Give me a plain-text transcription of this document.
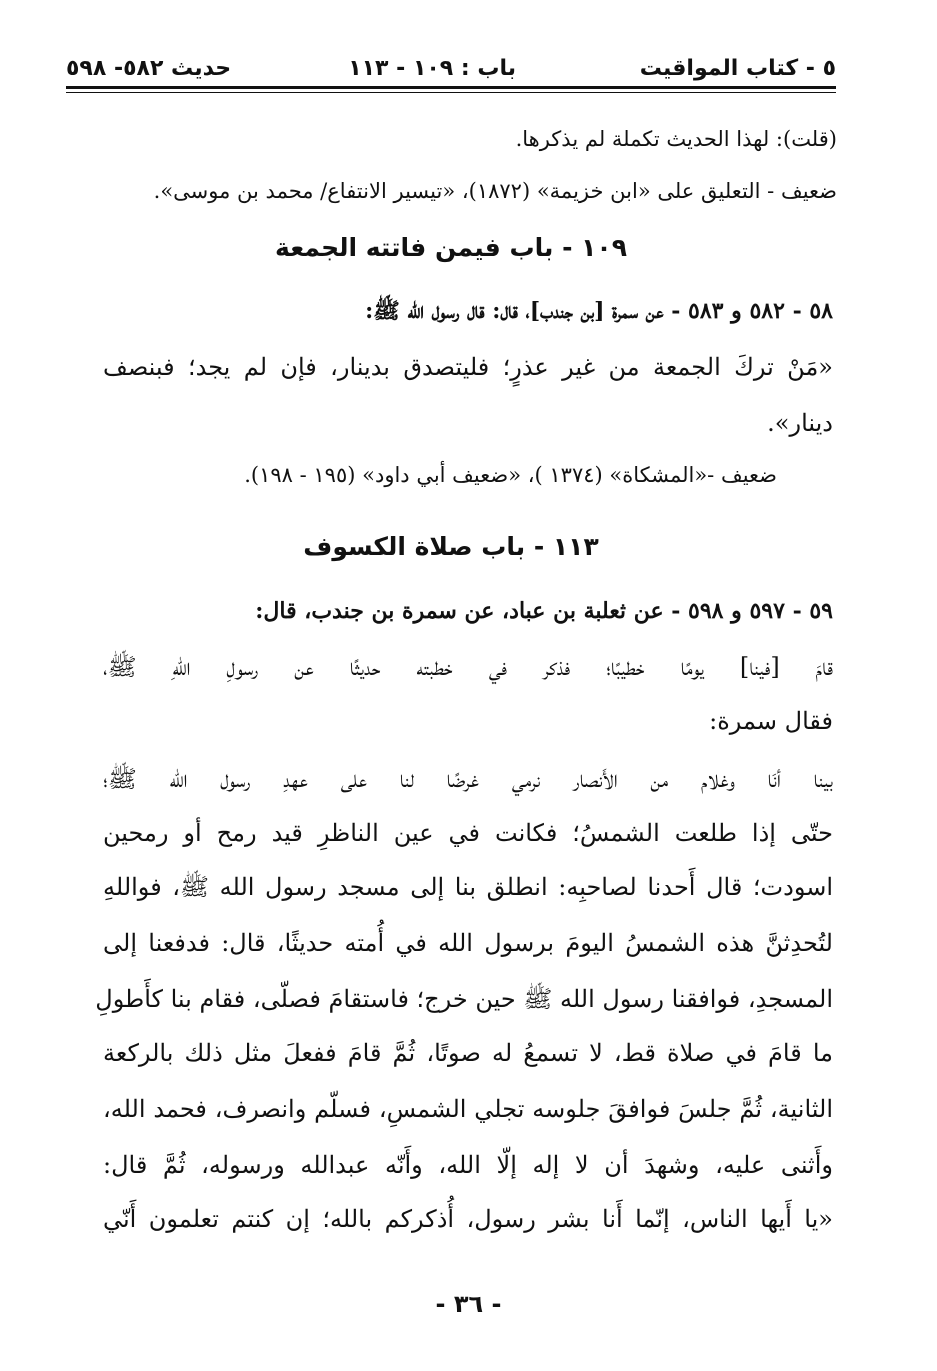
٥ - كتاب المواقيت
باب : ١٠٩ - ١١٣
حديث ٥٨٢- ٥٩٨
(قلت): لهذا الحديث تكملة لم يذكرها.
ضعيف - التعليق على «ابن خزيمة» (١٨٧٢)، «تيسير الانتفاع/ محمد بن موسى».
١٠٩ - باب فيمن فاتته الجمعة
٥٨ - ٥٨٢ و ٥٨٣ - عن سمرة [بن جندب]، قال: قال رسول الله ﷺ:
«مَنْ تركَ الجمعة من غير عذرٍ؛ فليتصدق بدينار، فإن لم يجد؛ فبنصف
دينار».
ضعيف -«المشكاة» (١٣٧٤ )، «ضعيف أبي داود» (١٩٥ - ١٩٨).
١١٣ - باب صلاة الكسوف
٥٩ - ٥٩٧ و ٥٩٨ - عن ثعلبة بن عباد، عن سمرة بن جندب، قال:
قامَ [فينا] يومًا خطيبًا؛ فذكر في خطبته حديثًا عن رسولِ اللهِ ﷺ،
فقال سمرة:
بينا أنَا وغلام من الأَنصار نرمي غرضًا لنا على عهدِ رسول الله ﷺ؛
حتّى إذا طلعت الشمسُ؛ فكانت في عين الناظرِ قيد رمح أو رمحين
اسودت؛ قال أَحدنا لصاحبِه: انطلق بنا إلى مسجد رسول الله ﷺ، فواللهِ
لتُحدِثنَّ هذه الشمسُ اليومَ برسول الله في أُمته حديثًا، قال: فدفعنا إلى
المسجدِ، فوافقنا رسول الله ﷺ حين خرج؛ فاستقامَ فصلّى، فقام بنا كأَطولِ
ما قامَ في صلاة قط، لا تسمعُ له صوتًا، ثُمَّ قامَ ففعلَ مثل ذلك بالركعة
الثانية، ثُمَّ جلسَ فوافقَ جلوسه تجلي الشمسِ، فسلّم وانصرف، فحمد الله،
وأَثنى عليه، وشهدَ أن لا إله إلّا الله، وأَنّه عبدالله ورسوله، ثُمَّ قال:
«يا أَيها الناس، إنّما أَنا بشر رسول، أُذكركم بالله؛ إن كنتم تعلمون أَنّي
- ٣٦ -
